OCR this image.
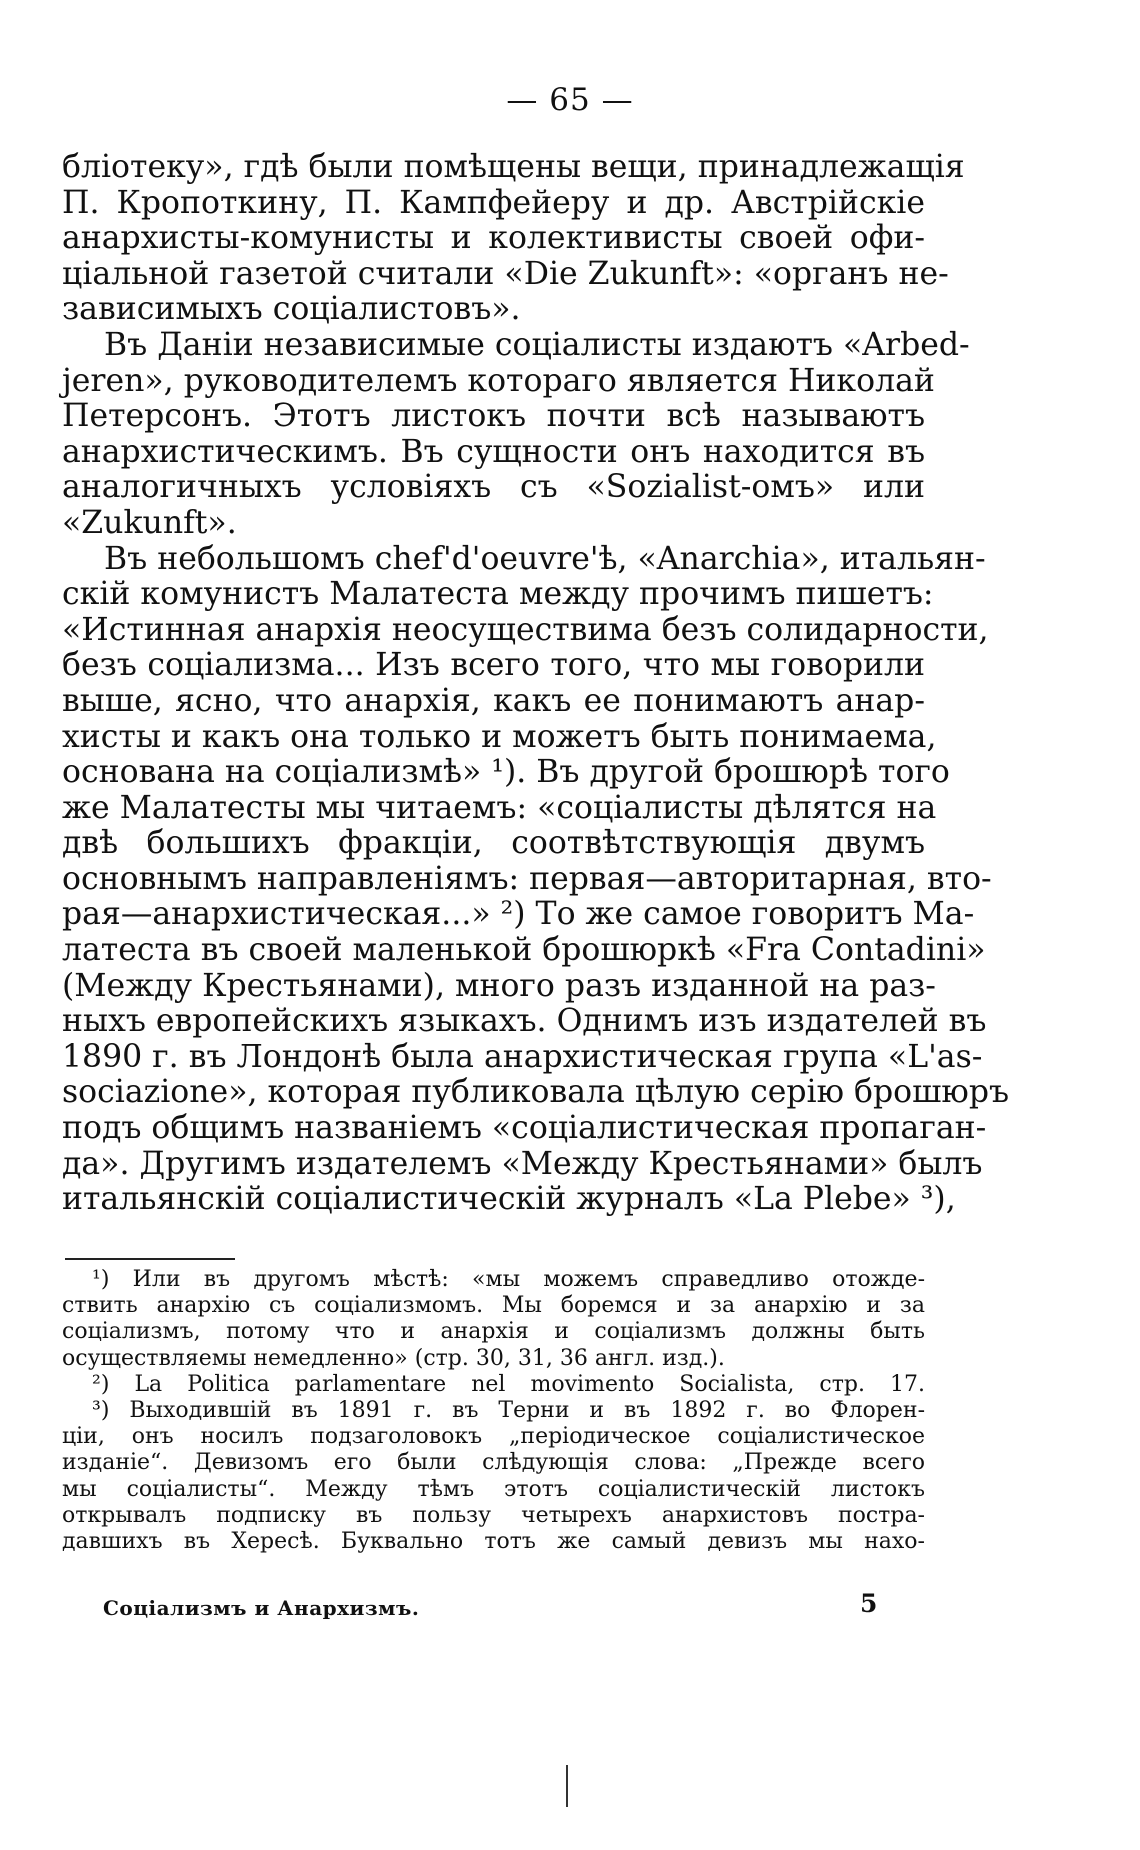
— 65 —
бліотеку», гдѣ были помѣщены вещи, принадлежащія
П. Кропоткину, П. Кампфейеру и др. Австрійскіе
анархисты-комунисты и колективисты своей офи-
ціальной газетой считали «Die Zukunft»: «органъ не-
зависимыхъ соціалистовъ».
Въ Даніи независимые соціалисты издаютъ «Arbed-
jeren», руководителемъ котораго является Николай
Петерсонъ. Этотъ листокъ почти всѣ называютъ
анархистическимъ. Въ сущности онъ находится въ
аналогичныхъ условіяхъ съ «Sozialist-омъ» или
«Zukunft».
Въ небольшомъ chef'd'oeuvre'ѣ, «Anarchia», итальян-
скій комунистъ Малатеста между прочимъ пишетъ:
«Истинная анархія неосуществима безъ солидарности,
безъ соціализма... Изъ всего того, что мы говорили
выше, ясно, что анархія, какъ ее понимаютъ анар-
хисты и какъ она только и можетъ быть понимаема,
основана на соціализмѣ» ¹). Въ другой брошюрѣ того
же Малатесты мы читаемъ: «соціалисты дѣлятся на
двѣ большихъ фракціи, соотвѣтствующія двумъ
основнымъ направленіямъ: первая—авторитарная, вто-
рая—анархистическая...» ²) То же самое говоритъ Ма-
латеста въ своей маленькой брошюркѣ «Fra Contadini»
(Между Крестьянами), много разъ изданной на раз-
ныхъ европейскихъ языкахъ. Однимъ изъ издателей въ
1890 г. въ Лондонѣ была анархистическая група «L'as-
sociazione», которая публиковала цѣлую серію брошюръ
подъ общимъ названіемъ «соціалистическая пропаган-
да». Другимъ издателемъ «Между Крестьянами» былъ
итальянскій соціалистическій журналъ «La Plebe» ³),
¹) Или въ другомъ мѣстѣ: «мы можемъ справедливо отожде-
ствить анархію съ соціализмомъ. Мы боремся и за анархію и за
соціализмъ, потому что и анархія и соціализмъ должны быть
осуществляемы немедленно» (стр. 30, 31, 36 англ. изд.).
²) La Politica parlamentare nel movimento Socialista, стр. 17.
³) Выходившій въ 1891 г. въ Терни и въ 1892 г. во Флорен-
ціи, онъ носилъ подзаголовокъ „періодическое соціалистическое
изданіе“. Девизомъ его были слѣдующія слова: „Прежде всего
мы соціалисты“. Между тѣмъ этотъ соціалистическій листокъ
открывалъ подписку въ пользу четырехъ анархистовъ пострa-
давшихъ въ Хересѣ. Буквально тотъ же самый девизъ мы нахо-
Соціализмъ и Анархизмъ.	5
